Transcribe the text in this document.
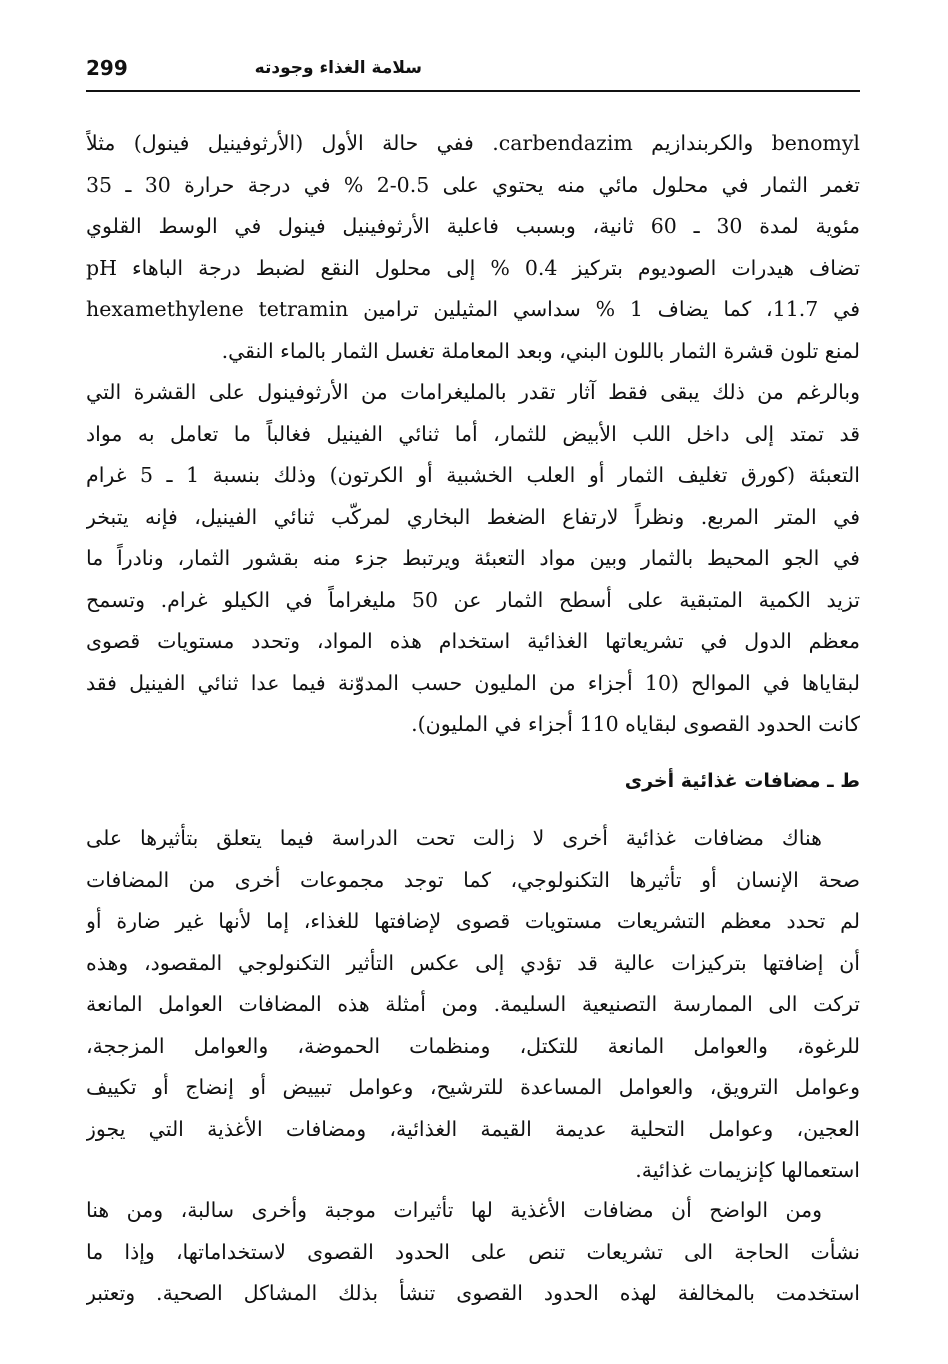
سلامة الغذاء وجودته
299
benomyl والكربندازيم carbendazim. ففي حالة الأول (الأرثوفينيل فينول) مثلاً
تغمر الثمار في محلول مائي منه يحتوي على 0.5-2 % في درجة حرارة 30 ـ 35
مئوية لمدة 30 ـ 60 ثانية، وبسبب فاعلية الأرثوفينيل فينول في الوسط القلوي
تضاف هيدرات الصوديوم بتركيز 0.4 % إلى محلول النقع لضبط درجة الباهاء pH
في 11.7، كما يضاف 1 % سداسي المثيلين ترامين hexamethylene tetramin
لمنع تلون قشرة الثمار باللون البني، وبعد المعاملة تغسل الثمار بالماء النقي.
وبالرغم من ذلك يبقى فقط آثار تقدر بالمليغرامات من الأرثوفينول على القشرة التي
قد تمتد إلى داخل اللب الأبيض للثمار، أما ثنائي الفينيل فغالباً ما تعامل به مواد
التعبئة (كورق تغليف الثمار أو العلب الخشبية أو الكرتون) وذلك بنسبة 1 ـ 5 غرام
في المتر المربع. ونظراً لارتفاع الضغط البخاري لمركّب ثنائي الفينيل، فإنه يتبخر
في الجو المحيط بالثمار وبين مواد التعبئة ويرتبط جزء منه بقشور الثمار، ونادراً ما
تزيد الكمية المتبقية على أسطح الثمار عن 50 مليغراماً في الكيلو غرام. وتسمح
معظم الدول في تشريعاتها الغذائية استخدام هذه المواد، وتحدد مستويات قصوى
لبقاياها في الموالح (10 أجزاء من المليون حسب المدوّنة فيما عدا ثنائي الفينيل فقد
كانت الحدود القصوى لبقاياه 110 أجزاء في المليون).
ط ـ مضافات غذائية أخرى
هناك مضافات غذائية أخرى لا زالت تحت الدراسة فيما يتعلق بتأثيرها على
صحة الإنسان أو تأثيرها التكنولوجي، كما توجد مجموعات أخرى من المضافات
لم تحدد معظم التشريعات مستويات قصوى لإضافتها للغذاء، إما لأنها غير ضارة أو
أن إضافتها بتركيزات عالية قد تؤدي إلى عكس التأثير التكنولوجي المقصود، وهذه
تركت الى الممارسة التصنيعية السليمة. ومن أمثلة هذه المضافات العوامل المانعة
للرغوة، والعوامل المانعة للتكتل، ومنظمات الحموضة، والعوامل المزججة،
وعوامل الترويق، والعوامل المساعدة للترشيح، وعوامل تبييض أو إنضاج أو تكييف
العجين، وعوامل التحلية عديمة القيمة الغذائية، ومضافات الأغذية التي يجوز
استعمالها كإنزيمات غذائية.
ومن الواضح أن مضافات الأغذية لها تأثيرات موجبة وأخرى سالبة، ومن هنا
نشأت الحاجة الى تشريعات تنص على الحدود القصوى لاستخداماتها، وإذا ما
استخدمت بالمخالفة لهذه الحدود القصوى تنشأ بذلك المشاكل الصحية. وتعتبر
